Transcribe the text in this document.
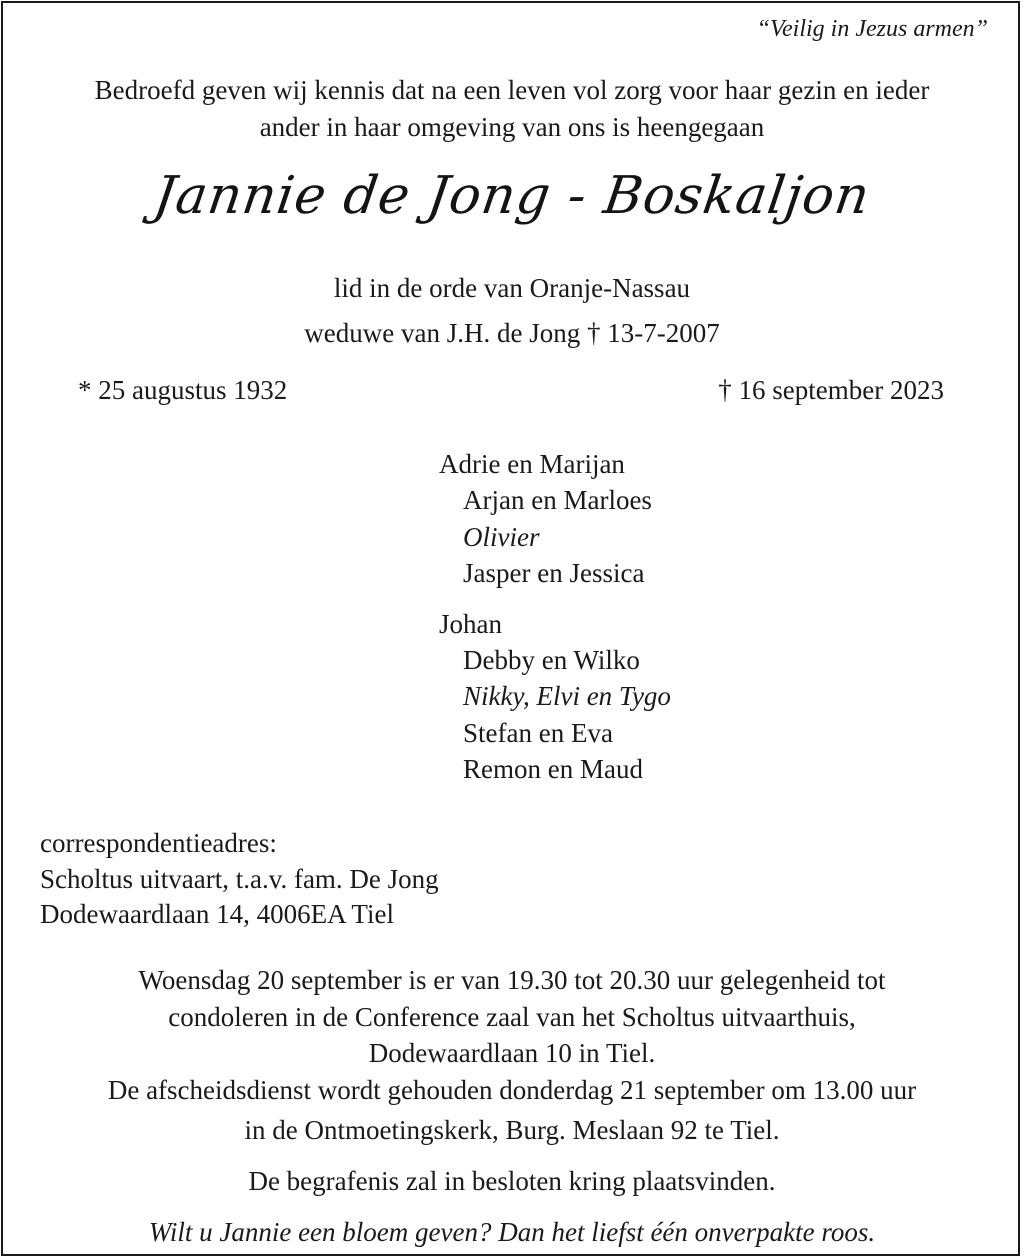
“Veilig in Jezus armen”
Bedroefd geven wij kennis dat na een leven vol zorg voor haar gezin en ieder
ander in haar omgeving van ons is heengegaan
Jannie de Jong - Boskaljon
lid in de orde van Oranje-Nassau
weduwe van J.H. de Jong † 13-7-2007
* 25 augustus 1932	† 16 september 2023
Adrie en Marijan
Arjan en Marloes
Olivier
Jasper en Jessica
Johan
Debby en Wilko
Nikky, Elvi en Tygo
Stefan en Eva
Remon en Maud
correspondentieadres:
Scholtus uitvaart, t.a.v. fam. De Jong
Dodewaardlaan 14, 4006EA Tiel
Woensdag 20 september is er van 19.30 tot 20.30 uur gelegenheid tot
condoleren in de Conference zaal van het Scholtus uitvaarthuis,
Dodewaardlaan 10 in Tiel.
De afscheidsdienst wordt gehouden donderdag 21 september om 13.00 uur
in de Ontmoetingskerk, Burg. Meslaan 92 te Tiel.
De begrafenis zal in besloten kring plaatsvinden.
Wilt u Jannie een bloem geven? Dan het liefst één onverpakte roos.
